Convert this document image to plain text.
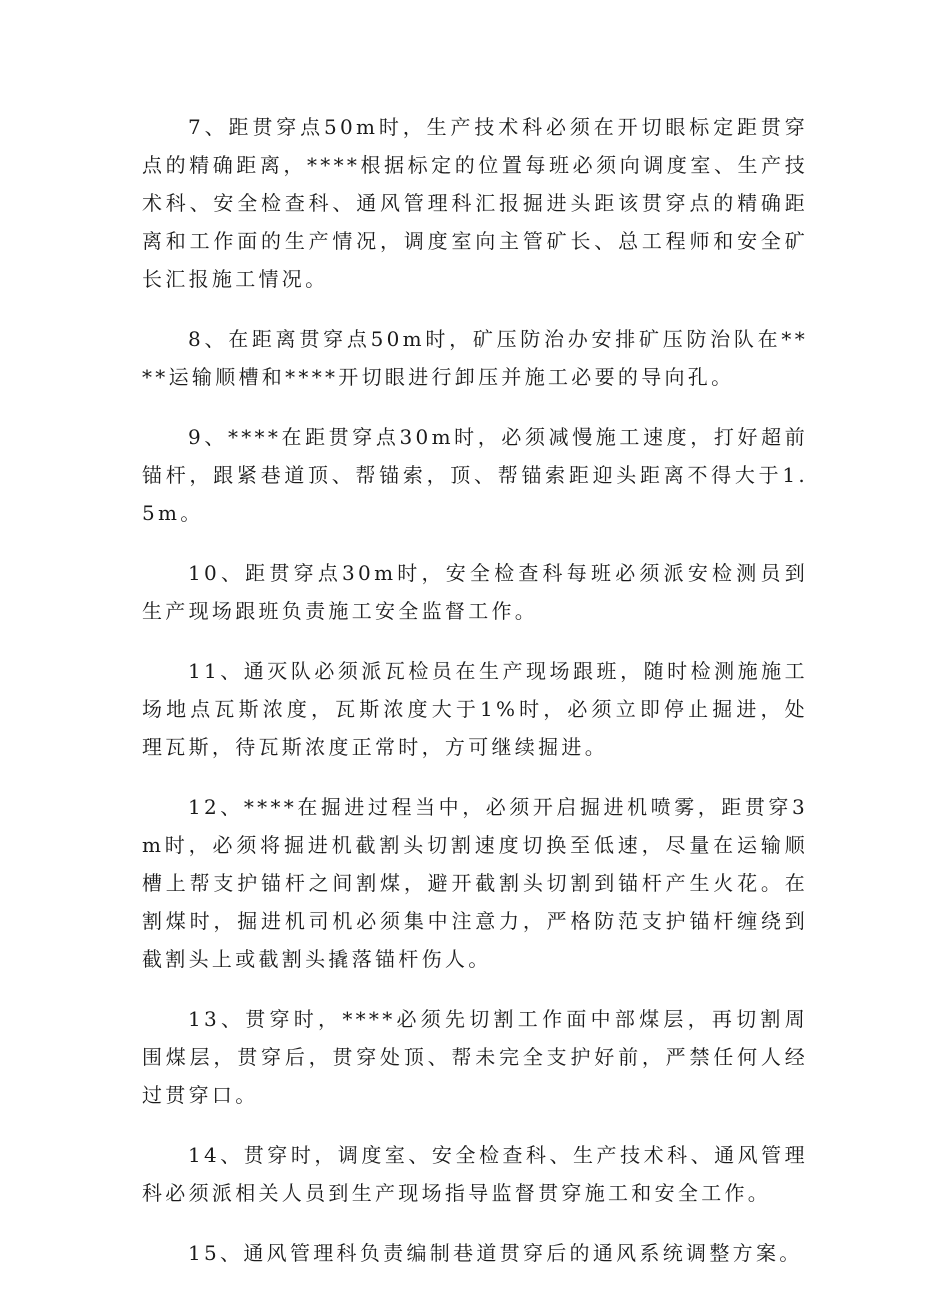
7、距贯穿点50m时，生产技术科必须在开切眼标定距贯穿点的精确距离，****根据标定的位置每班必须向调度室、生产技术科、安全检查科、通风管理科汇报掘进头距该贯穿点的精确距离和工作面的生产情况，调度室向主管矿长、总工程师和安全矿长汇报施工情况。

8、在距离贯穿点50m时，矿压防治办安排矿压防治队在****运输顺槽和****开切眼进行卸压并施工必要的导向孔。

9、****在距贯穿点30m时，必须减慢施工速度，打好超前锚杆，跟紧巷道顶、帮锚索，顶、帮锚索距迎头距离不得大于1.5m。

10、距贯穿点30m时，安全检查科每班必须派安检测员到生产现场跟班负责施工安全监督工作。

11、通灭队必须派瓦检员在生产现场跟班，随时检测施施工场地点瓦斯浓度，瓦斯浓度大于1%时，必须立即停止掘进，处理瓦斯，待瓦斯浓度正常时，方可继续掘进。

12、****在掘进过程当中，必须开启掘进机喷雾，距贯穿3m时，必须将掘进机截割头切割速度切换至低速，尽量在运输顺槽上帮支护锚杆之间割煤，避开截割头切割到锚杆产生火花。在割煤时，掘进机司机必须集中注意力，严格防范支护锚杆缠绕到截割头上或截割头撬落锚杆伤人。

13、贯穿时，****必须先切割工作面中部煤层，再切割周围煤层，贯穿后，贯穿处顶、帮未完全支护好前，严禁任何人经过贯穿口。

14、贯穿时，调度室、安全检查科、生产技术科、通风管理科必须派相关人员到生产现场指导监督贯穿施工和安全工作。

15、通风管理科负责编制巷道贯穿后的通风系统调整方案。
